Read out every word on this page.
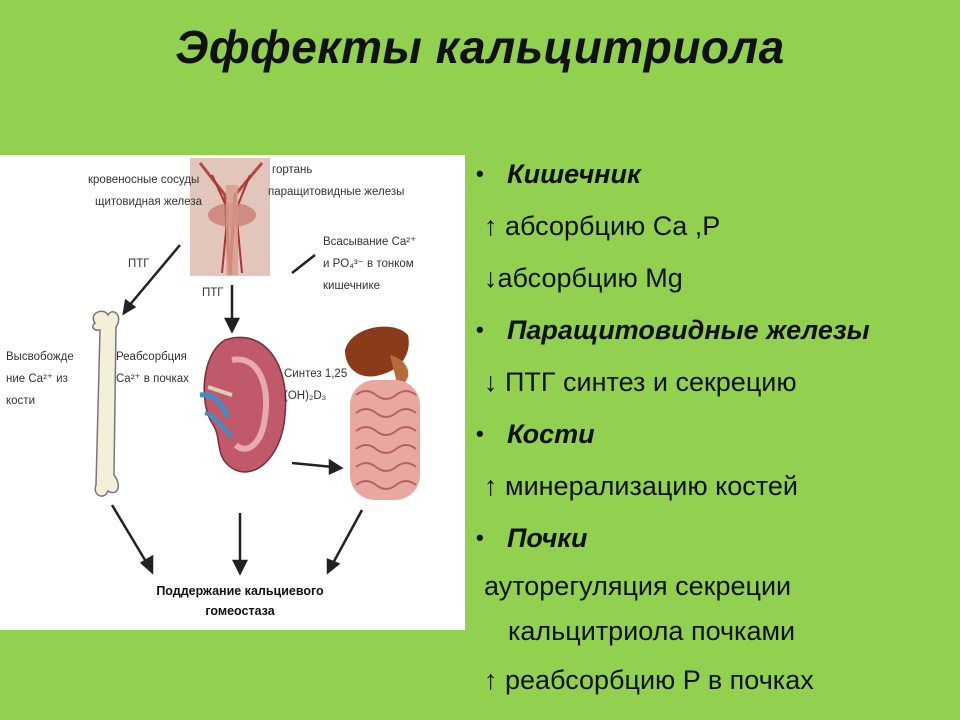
Эффекты кальцитриола
кровеносные сосуды
щитовидная железа
гортань
паращитовидные железы
ПТГ
ПТГ
Всасывание Ca²⁺
и PO₄³⁻ в тонком
кишечнике
Высвобожде
ние Ca²⁺ из
кости
Реабсорбция
Ca²⁺ в почках	Синтез 1,25
(OH)₂D₃
Поддержание кальциевого
гомеостаза
• Кишечник
↑ абсорбцию Ca ,P
↓абсорбцию Mg
• Паращитовидные железы
↓ ПТГ синтез и секрецию
• Кости
↑ минерализацию костей
• Почки
ауторегуляция секреции
кальцитриола почками
↑ реабсорбцию P в почках
